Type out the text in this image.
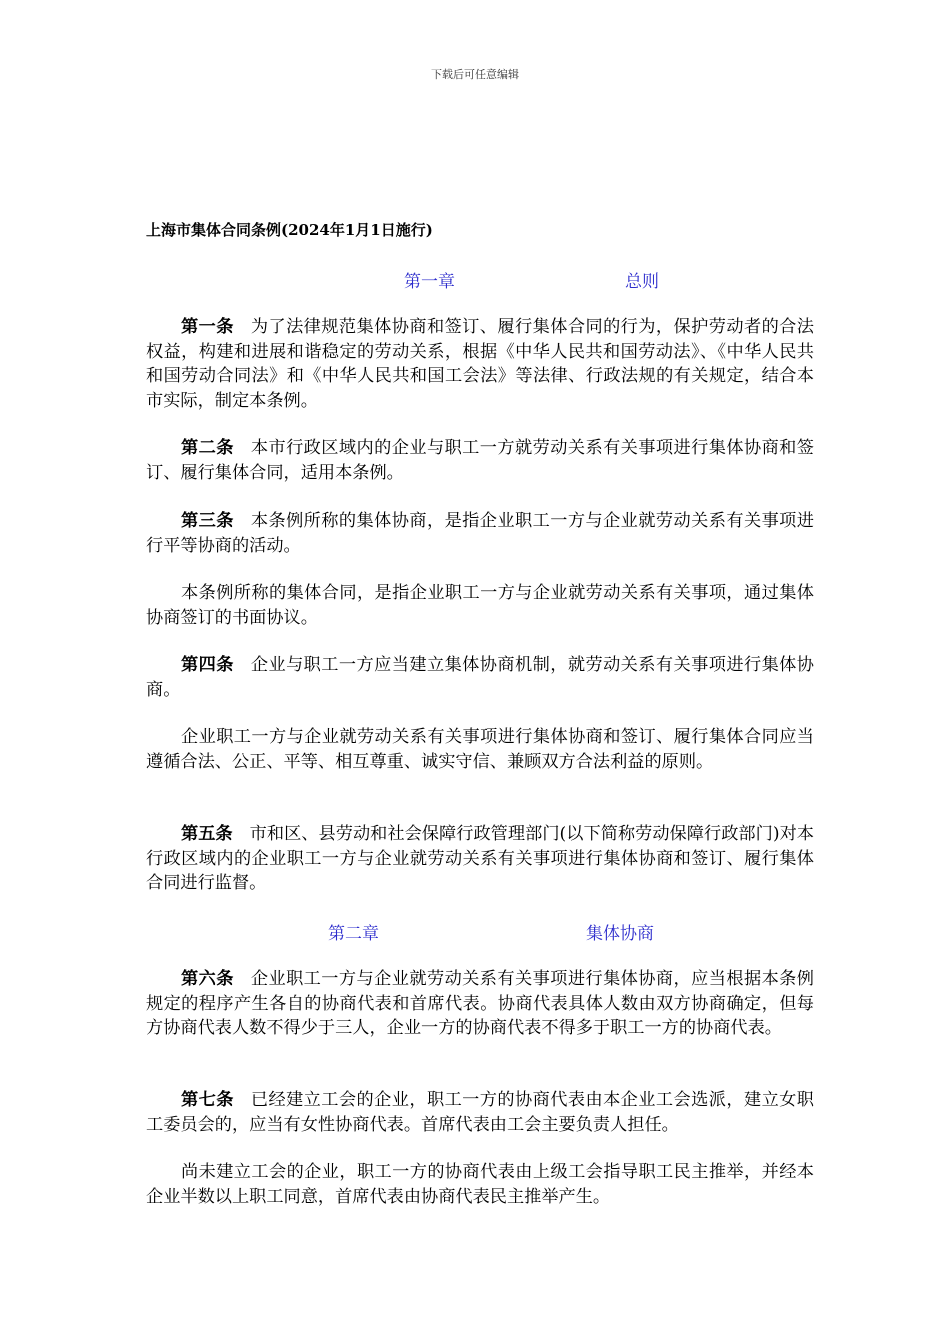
下载后可任意编辑
上海市集体合同条例(2024年1月1日施行)
第一章	总则

第一条 为了法律规范集体协商和签订、履行集体合同的行为，保护劳动者的合法权益，构建和进展和谐稳定的劳动关系，根据《中华人民共和国劳动法》、《中华人民共和国劳动合同法》和《中华人民共和国工会法》等法律、行政法规的有关规定，结合本市实际，制定本条例。

第二条 本市行政区域内的企业与职工一方就劳动关系有关事项进行集体协商和签订、履行集体合同，适用本条例。

第三条 本条例所称的集体协商，是指企业职工一方与企业就劳动关系有关事项进行平等协商的活动。

本条例所称的集体合同，是指企业职工一方与企业就劳动关系有关事项，通过集体协商签订的书面协议。

第四条 企业与职工一方应当建立集体协商机制，就劳动关系有关事项进行集体协商。

企业职工一方与企业就劳动关系有关事项进行集体协商和签订、履行集体合同应当遵循合法、公正、平等、相互尊重、诚实守信、兼顾双方合法利益的原则。

第五条 市和区、县劳动和社会保障行政管理部门(以下简称劳动保障行政部门)对本行政区域内的企业职工一方与企业就劳动关系有关事项进行集体协商和签订、履行集体合同进行监督。

第二章	集体协商

第六条 企业职工一方与企业就劳动关系有关事项进行集体协商，应当根据本条例规定的程序产生各自的协商代表和首席代表。协商代表具体人数由双方协商确定，但每方协商代表人数不得少于三人，企业一方的协商代表不得多于职工一方的协商代表。

第七条 已经建立工会的企业，职工一方的协商代表由本企业工会选派，建立女职工委员会的，应当有女性协商代表。首席代表由工会主要负责人担任。

尚未建立工会的企业，职工一方的协商代表由上级工会指导职工民主推举，并经本企业半数以上职工同意，首席代表由协商代表民主推举产生。
